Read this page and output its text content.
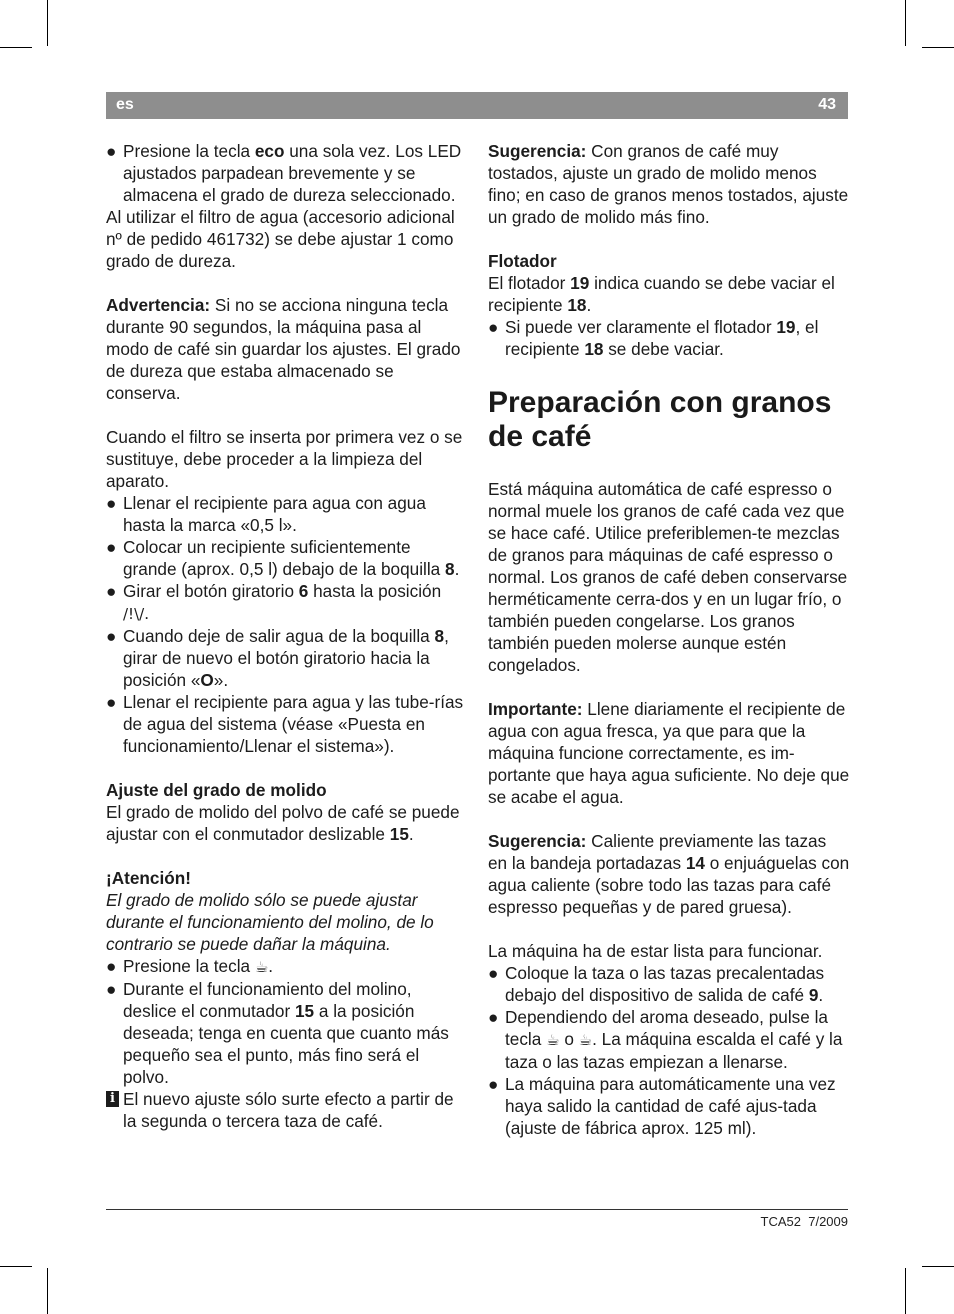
es	43

● Presione la tecla eco una sola vez. Los LED ajustados parpadean brevemente y se almacena el grado de dureza seleccionado.

Al utilizar el filtro de agua (accesorio adicional nº de pedido 461732) se debe ajustar 1 como grado de dureza.

Advertencia: Si no se acciona ninguna tecla durante 90 segundos, la máquina pasa al modo de café sin guardar los ajustes. El grado de dureza que estaba almacenado se conserva.

Cuando el filtro se inserta por primera vez o se sustituye, debe proceder a la limpieza del aparato.

● Llenar el recipiente para agua con agua hasta la marca «0,5 l».

● Colocar un recipiente suficientemente grande (aprox. 0,5 l) debajo de la boquilla 8.

● Girar el botón giratorio 6 hasta la posición /!\/.

● Cuando deje de salir agua de la boquilla 8, girar de nuevo el botón giratorio hacia la posición «O».

● Llenar el recipiente para agua y las tube-rías de agua del sistema (véase «Puesta en funcionamiento/Llenar el sistema»).

Ajuste del grado de molido

El grado de molido del polvo de café se puede ajustar con el conmutador deslizable 15.

¡Atención!

El grado de molido sólo se puede ajustar durante el funcionamiento del molino, de lo contrario se puede dañar la máquina.

● Presione la tecla ☕.

● Durante el funcionamiento del molino, deslice el conmutador 15 a la posición deseada; tenga en cuenta que cuanto más pequeño sea el punto, más fino será el polvo.

i El nuevo ajuste sólo surte efecto a partir de la segunda o tercera taza de café.

Sugerencia: Con granos de café muy tostados, ajuste un grado de molido menos fino; en caso de granos menos tostados, ajuste un grado de molido más fino.

Flotador

El flotador 19 indica cuando se debe vaciar el recipiente 18.

● Si puede ver claramente el flotador 19, el recipiente 18 se debe vaciar.

Preparación con granos de café

Está máquina automática de café espresso o normal muele los granos de café cada vez que se hace café. Utilice preferiblemen-te mezclas de granos para máquinas de café espresso o normal. Los granos de café deben conservarse herméticamente cerra-dos y en un lugar frío, o también pueden congelarse. Los granos también pueden molerse aunque estén congelados.

Importante: Llene diariamente el recipiente de agua con agua fresca, ya que para que la máquina funcione correctamente, es im-portante que haya agua suficiente. No deje que se acabe el agua.

Sugerencia: Caliente previamente las tazas en la bandeja portadazas 14 o enjuáguelas con agua caliente (sobre todo las tazas para café espresso pequeñas y de pared gruesa).

La máquina ha de estar lista para funcionar.

● Coloque la taza o las tazas precalentadas debajo del dispositivo de salida de café 9.

● Dependiendo del aroma deseado, pulse la tecla ☕ o ☕. La máquina escalda el café y la taza o las tazas empiezan a llenarse.

● La máquina para automáticamente una vez haya salido la cantidad de café ajus-tada (ajuste de fábrica aprox. 125 ml).

TCA52 7/2009
